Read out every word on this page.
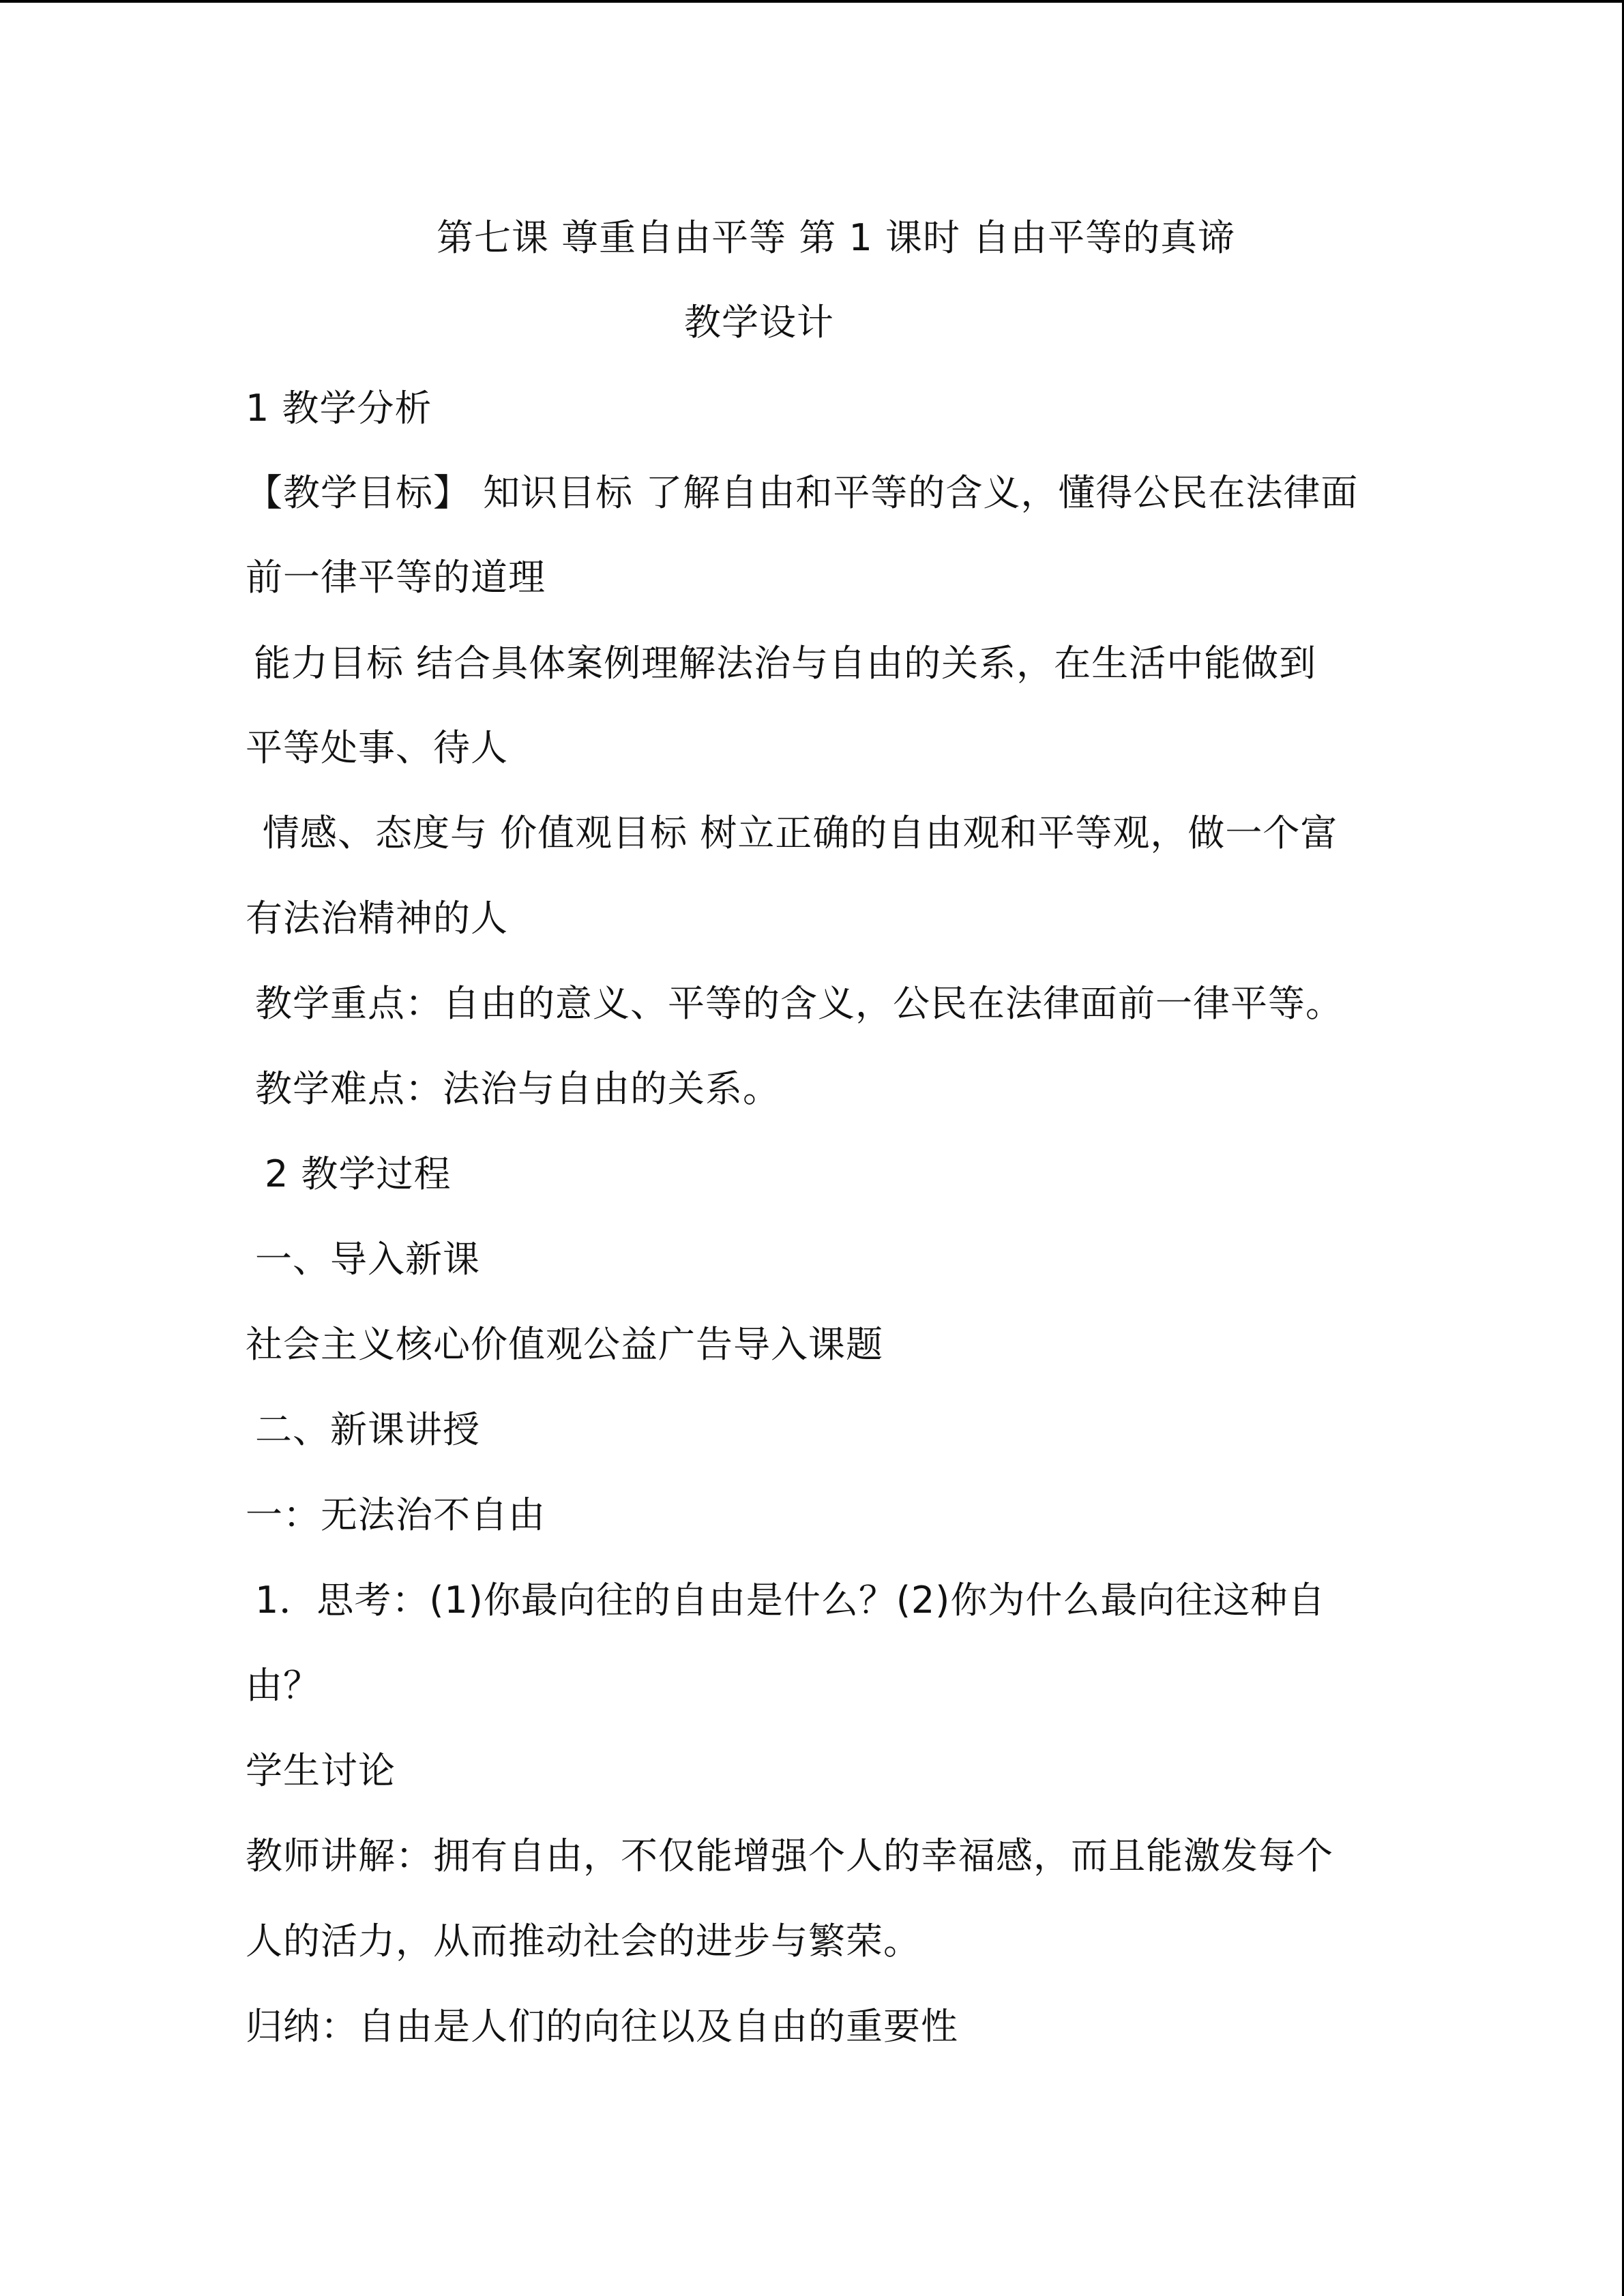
第七课 尊重自由平等 第 1 课时 自由平等的真谛
教学设计
1 教学分析
【教学目标】 知识目标 了解自由和平等的含义，懂得公民在法律面
前一律平等的道理
能力目标 结合具体案例理解法治与自由的关系，在生活中能做到
平等处事、待人
情感、态度与 价值观目标 树立正确的自由观和平等观，做一个富
有法治精神的人
教学重点：自由的意义、平等的含义，公民在法律面前一律平等。
教学难点：法治与自由的关系。
2 教学过程
一、导入新课
社会主义核心价值观公益广告导入课题
二、新课讲授
一：无法治不自由
1．思考：(1)你最向往的自由是什么？(2)你为什么最向往这种自
由？
学生讨论
教师讲解：拥有自由，不仅能增强个人的幸福感，而且能激发每个
人的活力，从而推动社会的进步与繁荣。
归纳：自由是人们的向往以及自由的重要性
